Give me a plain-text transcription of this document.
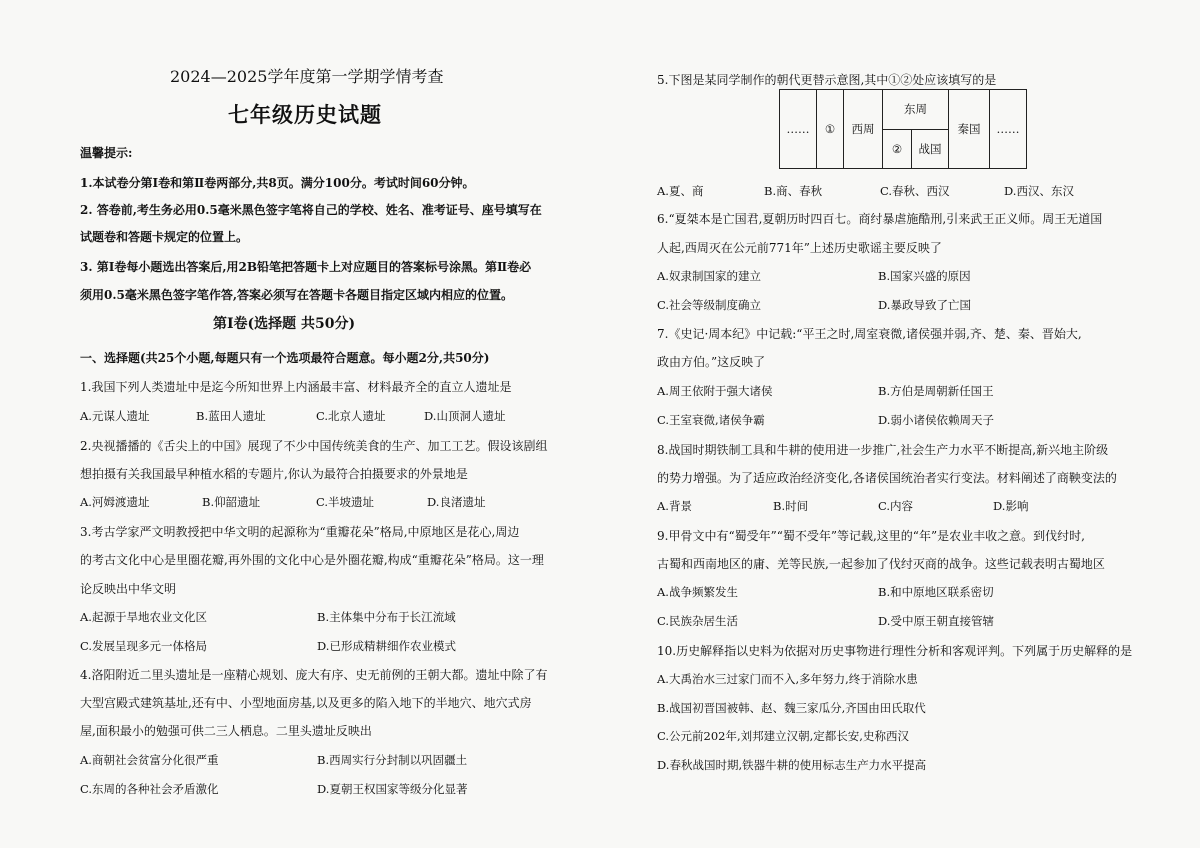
2024—2025学年度第一学期学情考查
七年级历史试题
温馨提示:
1.本试卷分第Ⅰ卷和第Ⅱ卷两部分,共8页。满分100分。考试时间60分钟。
2. 答卷前,考生务必用0.5毫米黑色签字笔将自己的学校、姓名、准考证号、座号填写在
试题卷和答题卡规定的位置上。
3. 第Ⅰ卷每小题选出答案后,用2B铅笔把答题卡上对应题目的答案标号涂黑。第Ⅱ卷必
须用0.5毫米黑色签字笔作答,答案必须写在答题卡各题目指定区域内相应的位置。
第Ⅰ卷(选择题 共50分)
一、选择题(共25个小题,每题只有一个选项最符合题意。每小题2分,共50分)
1.我国下列人类遗址中是迄今所知世界上内涵最丰富、材料最齐全的直立人遗址是
A.元谋人遗址	B.蓝田人遗址	C.北京人遗址	D.山顶洞人遗址
2.央视播播的《舌尖上的中国》展现了不少中国传统美食的生产、加工工艺。假设该剧组
想拍摄有关我国最早种植水稻的专题片,你认为最符合拍摄要求的外景地是
A.河姆渡遗址	B.仰韶遗址	C.半坡遗址	D.良渚遗址
3.考古学家严文明教授把中华文明的起源称为“重瓣花朵”格局,中原地区是花心,周边
的考古文化中心是里圈花瓣,再外围的文化中心是外圈花瓣,构成“重瓣花朵”格局。这一理
论反映出中华文明
A.起源于旱地农业文化区	B.主体集中分布于长江流域
C.发展呈现多元一体格局	D.已形成精耕细作农业模式
4.洛阳附近二里头遗址是一座精心规划、庞大有序、史无前例的王朝大都。遗址中除了有
大型宫殿式建筑基址,还有中、小型地面房基,以及更多的陷入地下的半地穴、地穴式房
屋,面积最小的勉强可供二三人栖息。二里头遗址反映出
A.商朝社会贫富分化很严重	B.西周实行分封制以巩固疆土
C.东周的各种社会矛盾激化	D.夏朝王权国家等级分化显著
5.下图是某同学制作的朝代更替示意图,其中①②处应该填写的是
……	①	西周	东周		秦国	……
			②	战国		
A.夏、商	B.商、春秋	C.春秋、西汉	D.西汉、东汉
6.“夏桀本是亡国君,夏朝历时四百七。商纣暴虐施酷刑,引来武王正义师。周王无道国
人起,西周灭在公元前771年”上述历史歌谣主要反映了
A.奴隶制国家的建立	B.国家兴盛的原因
C.社会等级制度确立	D.暴政导致了亡国
7.《史记·周本纪》中记载:“平王之时,周室衰微,诸侯强并弱,齐、楚、秦、晋始大,
政由方伯。”这反映了
A.周王依附于强大诸侯	B.方伯是周朝新任国王
C.王室衰微,诸侯争霸	D.弱小诸侯依赖周天子
8.战国时期铁制工具和牛耕的使用进一步推广,社会生产力水平不断提高,新兴地主阶级
的势力增强。为了适应政治经济变化,各诸侯国统治者实行变法。材料阐述了商鞅变法的
A.背景	B.时间	C.内容	D.影响
9.甲骨文中有“蜀受年”“蜀不受年”等记载,这里的“年”是农业丰收之意。到伐纣时,
古蜀和西南地区的庸、羌等民族,一起参加了伐纣灭商的战争。这些记载表明古蜀地区
A.战争频繁发生	B.和中原地区联系密切
C.民族杂居生活	D.受中原王朝直接管辖
10.历史解释指以史料为依据对历史事物进行理性分析和客观评判。下列属于历史解释的是
A.大禹治水三过家门而不入,多年努力,终于消除水患
B.战国初晋国被韩、赵、魏三家瓜分,齐国由田氏取代
C.公元前202年,刘邦建立汉朝,定都长安,史称西汉
D.春秋战国时期,铁器牛耕的使用标志生产力水平提高
